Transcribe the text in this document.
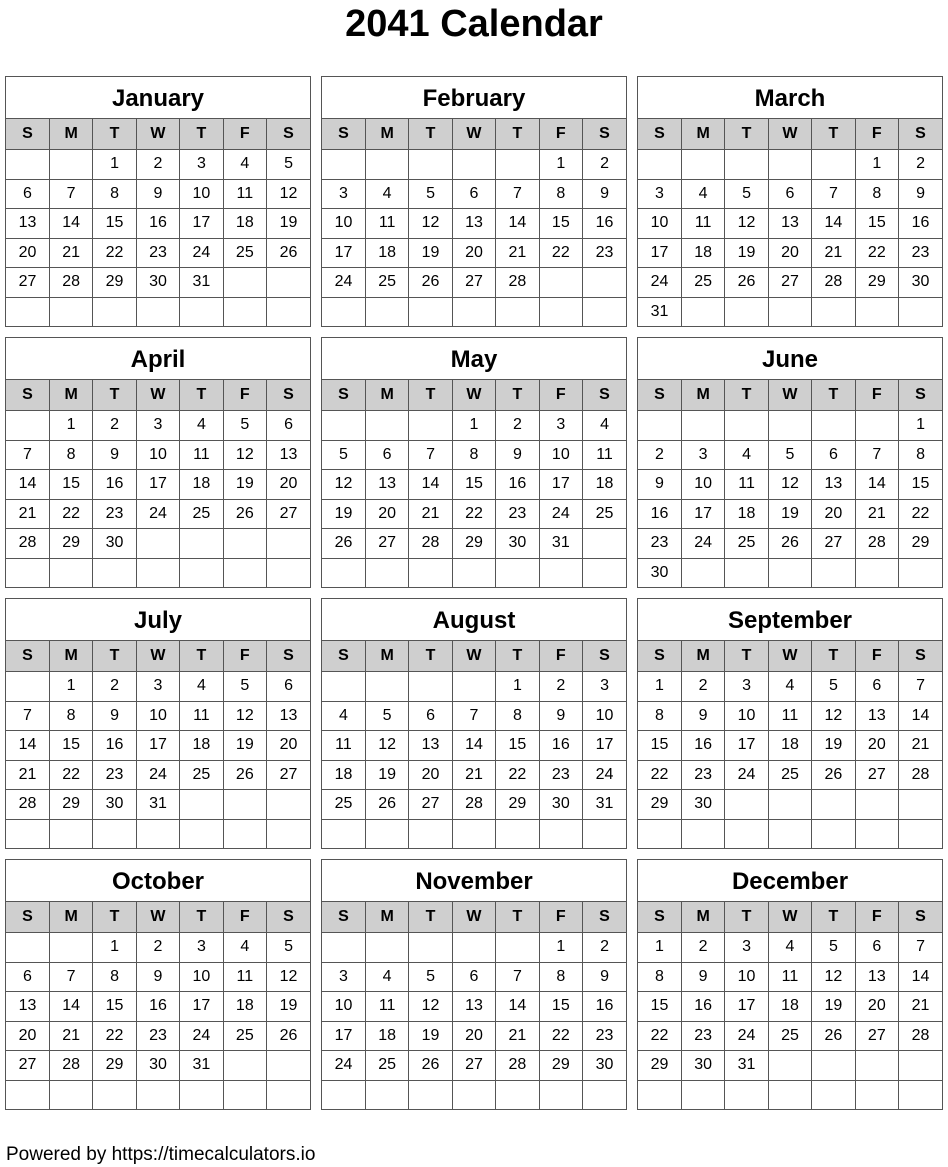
2041 Calendar
January
S	M	T	W	T	F	S
		1	2	3	4	5
6	7	8	9	10	11	12
13	14	15	16	17	18	19
20	21	22	23	24	25	26
27	28	29	30	31		

February
S	M	T	W	T	F	S
					1	2
3	4	5	6	7	8	9
10	11	12	13	14	15	16
17	18	19	20	21	22	23
24	25	26	27	28		

March
S	M	T	W	T	F	S
					1	2
3	4	5	6	7	8	9
10	11	12	13	14	15	16
17	18	19	20	21	22	23
24	25	26	27	28	29	30
31						
April
S	M	T	W	T	F	S
	1	2	3	4	5	6
7	8	9	10	11	12	13
14	15	16	17	18	19	20
21	22	23	24	25	26	27
28	29	30				

May
S	M	T	W	T	F	S
			1	2	3	4
5	6	7	8	9	10	11
12	13	14	15	16	17	18
19	20	21	22	23	24	25
26	27	28	29	30	31	

June
S	M	T	W	T	F	S
						1
2	3	4	5	6	7	8
9	10	11	12	13	14	15
16	17	18	19	20	21	22
23	24	25	26	27	28	29
30						
July
S	M	T	W	T	F	S
	1	2	3	4	5	6
7	8	9	10	11	12	13
14	15	16	17	18	19	20
21	22	23	24	25	26	27
28	29	30	31			

August
S	M	T	W	T	F	S
				1	2	3
4	5	6	7	8	9	10
11	12	13	14	15	16	17
18	19	20	21	22	23	24
25	26	27	28	29	30	31

September
S	M	T	W	T	F	S
1	2	3	4	5	6	7
8	9	10	11	12	13	14
15	16	17	18	19	20	21
22	23	24	25	26	27	28
29	30					

October
S	M	T	W	T	F	S
		1	2	3	4	5
6	7	8	9	10	11	12
13	14	15	16	17	18	19
20	21	22	23	24	25	26
27	28	29	30	31		

November
S	M	T	W	T	F	S
					1	2
3	4	5	6	7	8	9
10	11	12	13	14	15	16
17	18	19	20	21	22	23
24	25	26	27	28	29	30

December
S	M	T	W	T	F	S
1	2	3	4	5	6	7
8	9	10	11	12	13	14
15	16	17	18	19	20	21
22	23	24	25	26	27	28
29	30	31				

Powered by https://timecalculators.io
